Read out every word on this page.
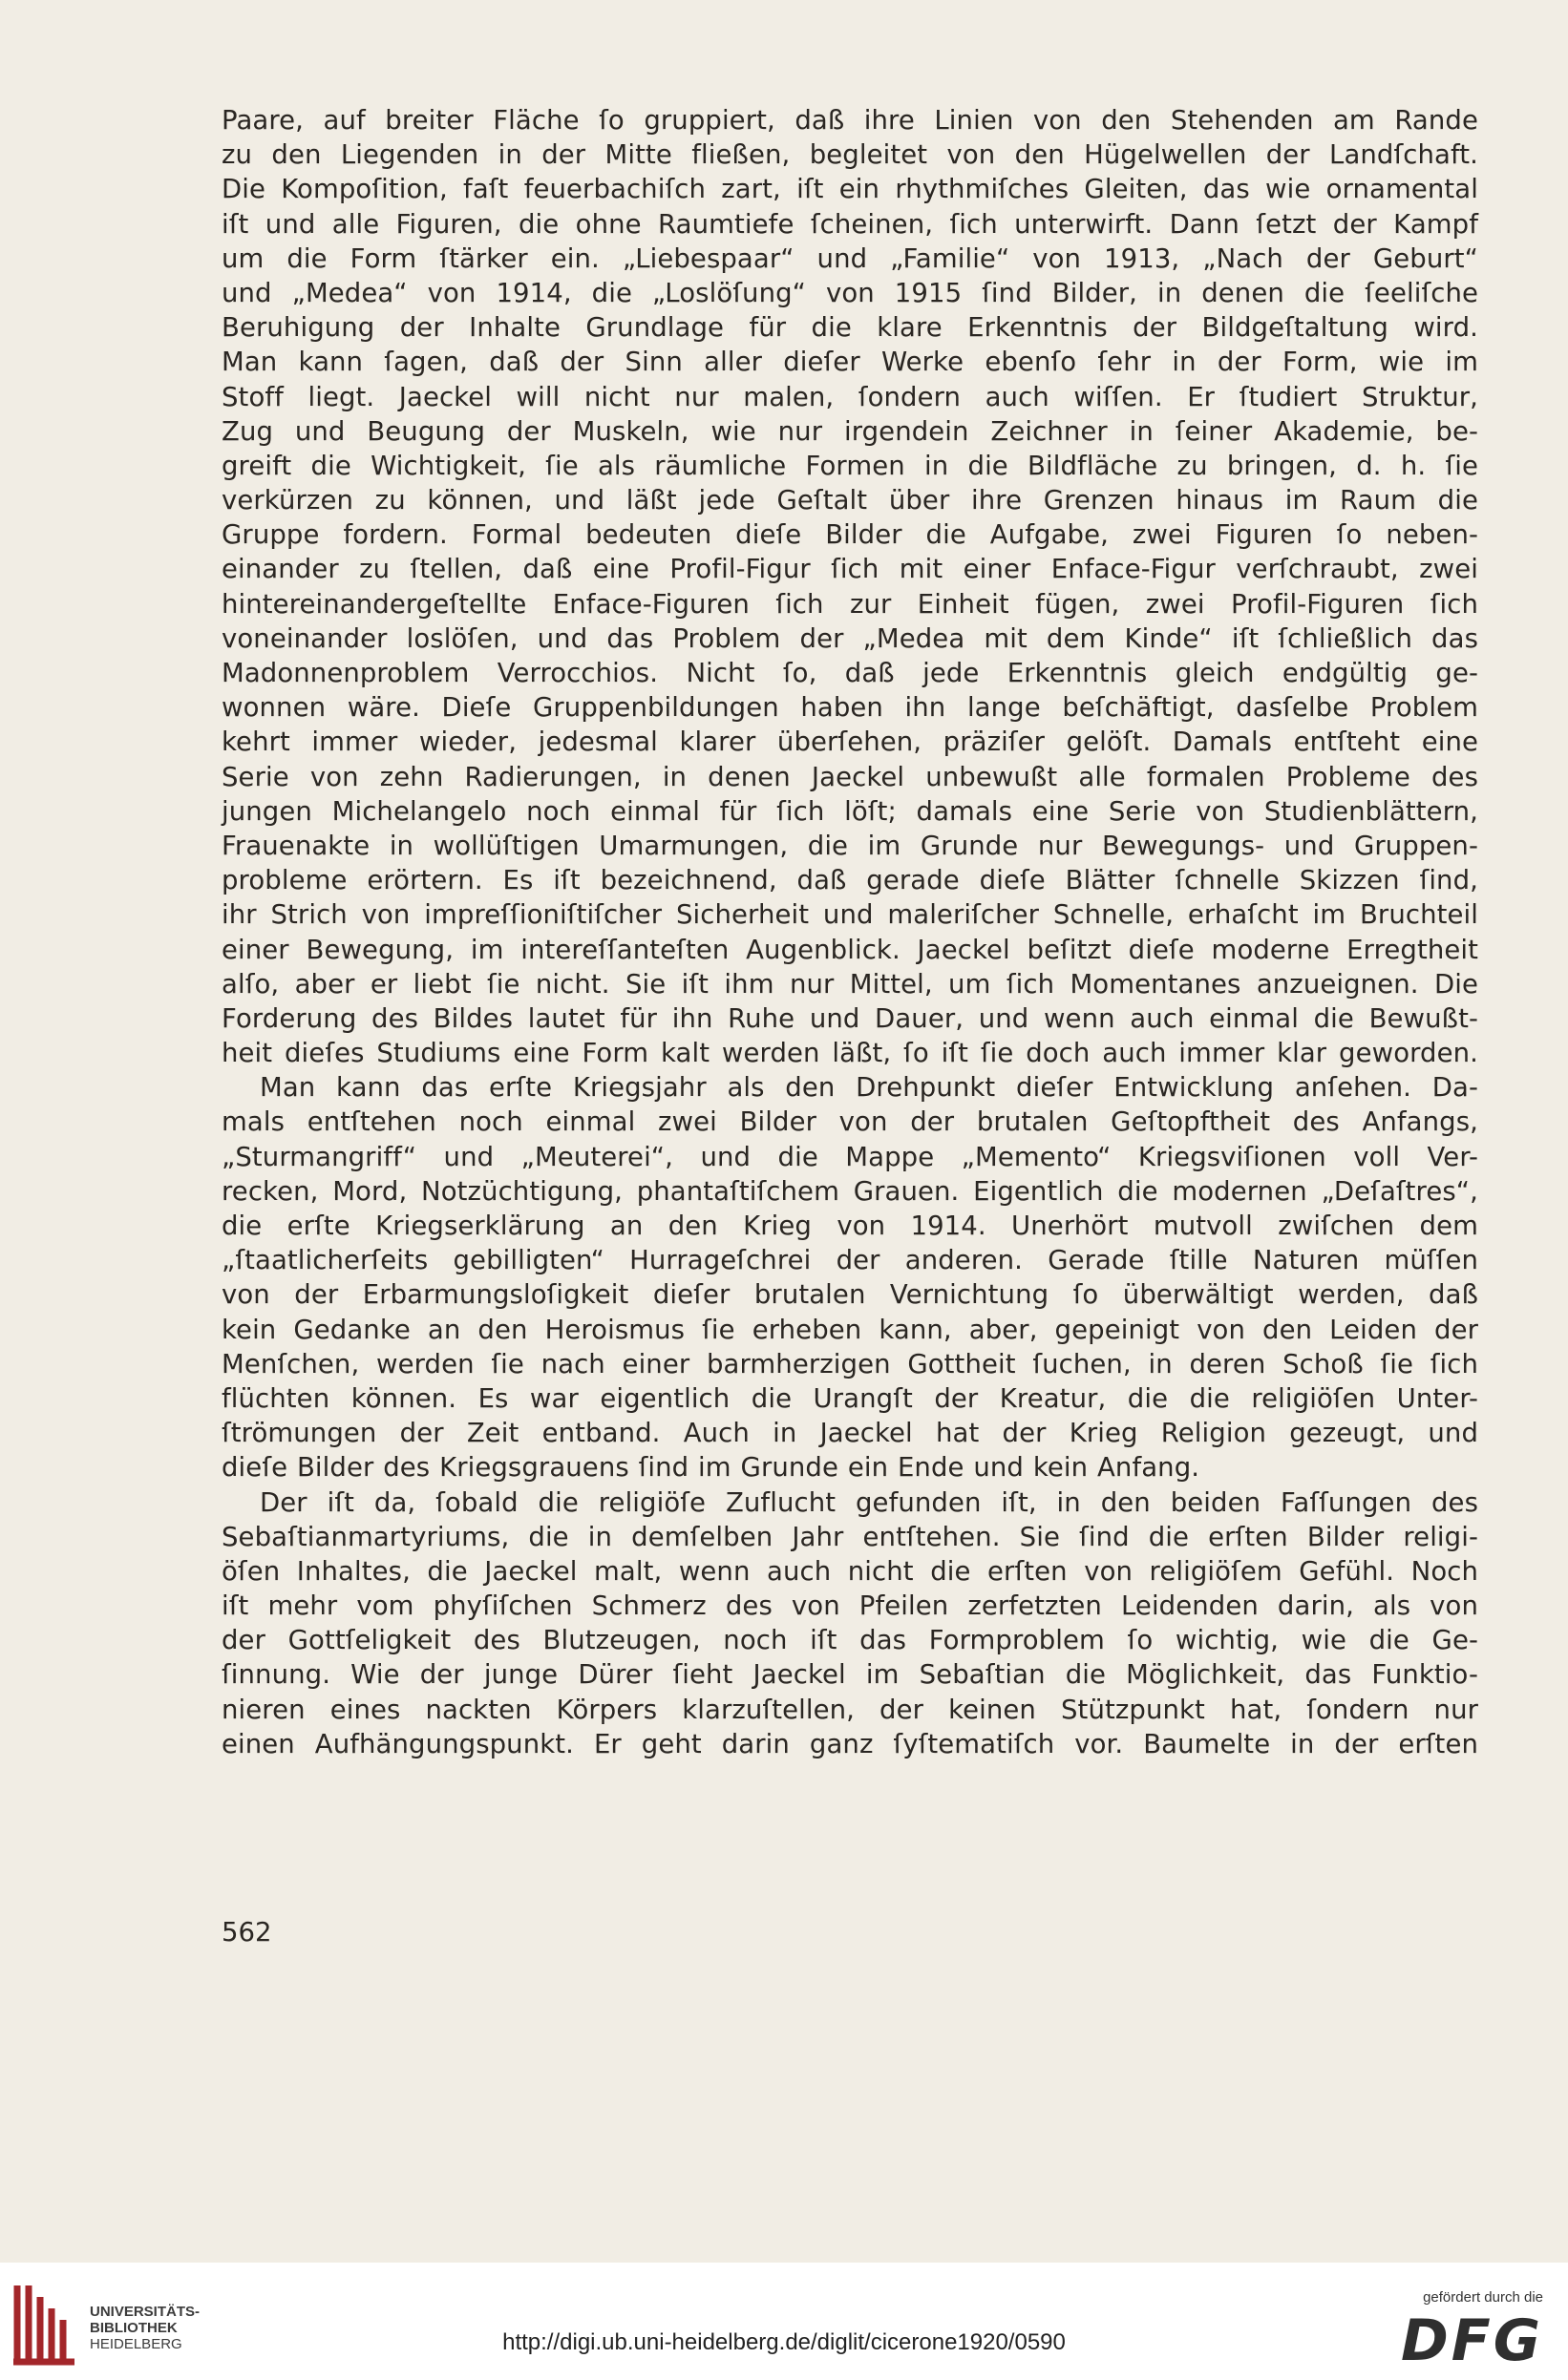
Paare, auf breiter Fläche ſo gruppiert, daß ihre Linien von den Stehenden am Rande
zu den Liegenden in der Mitte fließen, begleitet von den Hügelwellen der Landſchaft.
Die Kompoſition, faſt feuerbachiſch zart, iſt ein rhythmiſches Gleiten, das wie ornamental
iſt und alle Figuren, die ohne Raumtiefe ſcheinen, ſich unterwirft. Dann ſetzt der Kampf
um die Form ſtärker ein. „Liebespaar“ und „Familie“ von 1913, „Nach der Geburt“
und „Medea“ von 1914, die „Loslöſung“ von 1915 ſind Bilder, in denen die ſeeliſche
Beruhigung der Inhalte Grundlage für die klare Erkenntnis der Bildgeſtaltung wird.
Man kann ſagen, daß der Sinn aller dieſer Werke ebenſo ſehr in der Form, wie im
Stoff liegt. Jaeckel will nicht nur malen, ſondern auch wiſſen. Er ſtudiert Struktur,
Zug und Beugung der Muskeln, wie nur irgendein Zeichner in ſeiner Akademie, be-
greift die Wichtigkeit, ſie als räumliche Formen in die Bildfläche zu bringen, d. h. ſie
verkürzen zu können, und läßt jede Geſtalt über ihre Grenzen hinaus im Raum die
Gruppe fordern. Formal bedeuten dieſe Bilder die Aufgabe, zwei Figuren ſo neben-
einander zu ſtellen, daß eine Profil-Figur ſich mit einer Enface-Figur verſchraubt, zwei
hintereinandergeſtellte Enface-Figuren ſich zur Einheit fügen, zwei Profil-Figuren ſich
voneinander loslöſen, und das Problem der „Medea mit dem Kinde“ iſt ſchließlich das
Madonnenproblem Verrocchios. Nicht ſo, daß jede Erkenntnis gleich endgültig ge-
wonnen wäre. Dieſe Gruppenbildungen haben ihn lange beſchäftigt, dasſelbe Problem
kehrt immer wieder, jedesmal klarer überſehen, präziſer gelöſt. Damals entſteht eine
Serie von zehn Radierungen, in denen Jaeckel unbewußt alle formalen Probleme des
jungen Michelangelo noch einmal für ſich löſt; damals eine Serie von Studienblättern,
Frauenakte in wollüſtigen Umarmungen, die im Grunde nur Bewegungs- und Gruppen-
probleme erörtern. Es iſt bezeichnend, daß gerade dieſe Blätter ſchnelle Skizzen ſind,
ihr Strich von impreſſioniſtiſcher Sicherheit und maleriſcher Schnelle, erhaſcht im Bruchteil
einer Bewegung, im intereſſanteſten Augenblick. Jaeckel beſitzt dieſe moderne Erregtheit
alſo, aber er liebt ſie nicht. Sie iſt ihm nur Mittel, um ſich Momentanes anzueignen. Die
Forderung des Bildes lautet für ihn Ruhe und Dauer, und wenn auch einmal die Bewußt-
heit dieſes Studiums eine Form kalt werden läßt, ſo iſt ſie doch auch immer klar geworden.
Man kann das erſte Kriegsjahr als den Drehpunkt dieſer Entwicklung anſehen. Da-
mals entſtehen noch einmal zwei Bilder von der brutalen Geſtopftheit des Anfangs,
„Sturmangriff“ und „Meuterei“, und die Mappe „Memento“ Kriegsviſionen voll Ver-
recken, Mord, Notzüchtigung, phantaſtiſchem Grauen. Eigentlich die modernen „Deſaſtres“,
die erſte Kriegserklärung an den Krieg von 1914. Unerhört mutvoll zwiſchen dem
„ſtaatlicherſeits gebilligten“ Hurrageſchrei der anderen. Gerade ſtille Naturen müſſen
von der Erbarmungsloſigkeit dieſer brutalen Vernichtung ſo überwältigt werden, daß
kein Gedanke an den Heroismus ſie erheben kann, aber, gepeinigt von den Leiden der
Menſchen, werden ſie nach einer barmherzigen Gottheit ſuchen, in deren Schoß ſie ſich
flüchten können. Es war eigentlich die Urangſt der Kreatur, die die religiöſen Unter-
ſtrömungen der Zeit entband. Auch in Jaeckel hat der Krieg Religion gezeugt, und
dieſe Bilder des Kriegsgrauens ſind im Grunde ein Ende und kein Anfang.
Der iſt da, ſobald die religiöſe Zuflucht gefunden iſt, in den beiden Faſſungen des
Sebaſtianmartyriums, die in demſelben Jahr entſtehen. Sie ſind die erſten Bilder religi-
öſen Inhaltes, die Jaeckel malt, wenn auch nicht die erſten von religiöſem Gefühl. Noch
iſt mehr vom phyſiſchen Schmerz des von Pfeilen zerfetzten Leidenden darin, als von
der Gottſeligkeit des Blutzeugen, noch iſt das Formproblem ſo wichtig, wie die Ge-
ſinnung. Wie der junge Dürer ſieht Jaeckel im Sebaſtian die Möglichkeit, das Funktio-
nieren eines nackten Körpers klarzuſtellen, der keinen Stützpunkt hat, ſondern nur
einen Aufhängungspunkt. Er geht darin ganz ſyſtematiſch vor. Baumelte in der erſten
562
UNIVERSITÄTS-
BIBLIOTHEK
HEIDELBERG	http://digi.ub.uni-heidelberg.de/diglit/cicerone1920/0590
gefördert durch die
DFG
